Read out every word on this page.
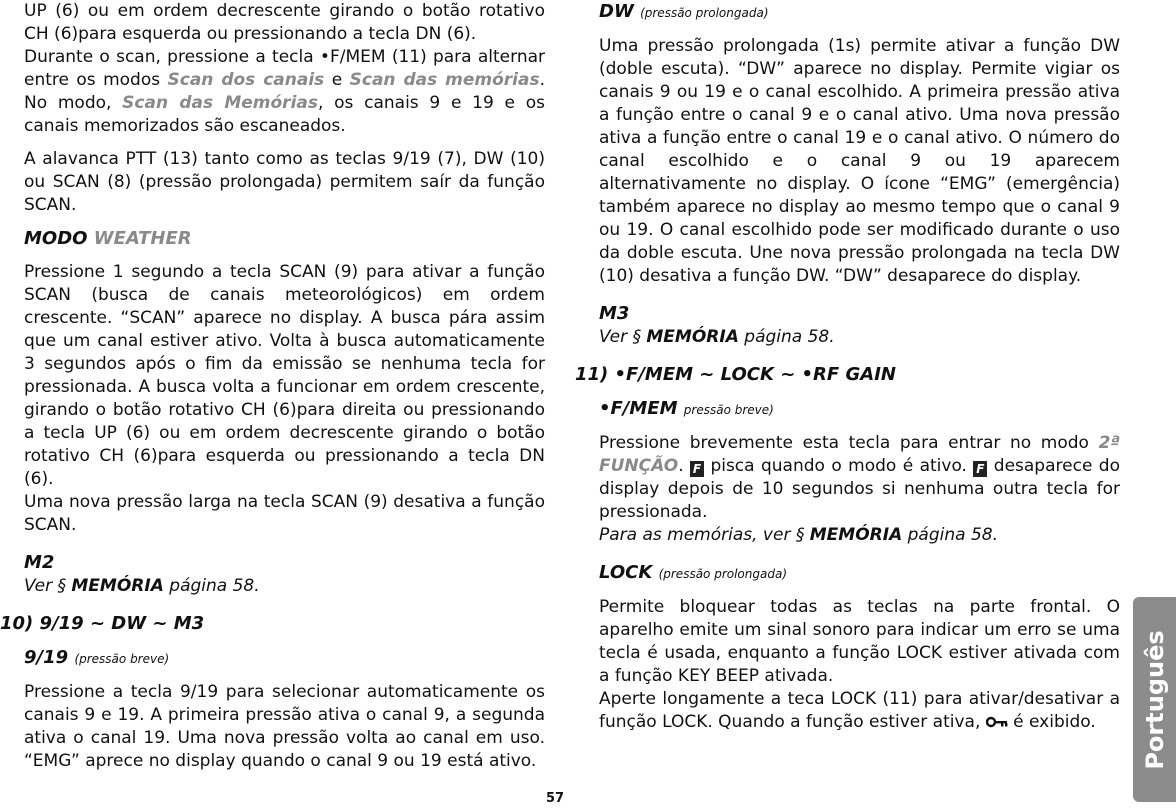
UP (6) ou em ordem decrescente girando o botão rotativo CH (6)para esquerda ou pressionando a tecla DN (6).

Durante o scan, pressione a tecla •F/MEM (11) para alternar entre os modos Scan dos canais e Scan das memórias. No modo, Scan das Memórias, os canais 9 e 19 e os canais memorizados são escaneados.

A alavanca PTT (13) tanto como as teclas 9/19 (7), DW (10) ou SCAN (8) (pressão prolongada) permitem saír da função SCAN.

MODO WEATHER

Pressione 1 segundo a tecla SCAN (9) para ativar a função SCAN (busca de canais meteorológicos) em ordem crescente. “SCAN” aparece no display. A busca pára assim que um canal estiver ativo. Volta à busca automaticamente 3 segundos após o fim da emissão se nenhuma tecla for pressionada. A busca volta a funcionar em ordem crescente, girando o botão rotativo CH (6)para direita ou pressionando a tecla UP (6) ou em ordem decrescente girando o botão rotativo CH (6)para esquerda ou pressionando a tecla DN (6).

Uma nova pressão larga na tecla SCAN (9) desativa a função SCAN.

M2

Ver § MEMÓRIA página 58.

10) 9/19 ~ DW ~ M3

9/19 (pressão breve)

Pressione a tecla 9/19 para selecionar automaticamente os canais 9 e 19. A primeira pressão ativa o canal 9, a segunda ativa o canal 19. Uma nova pressão volta ao canal em uso. “EMG” aprece no display quando o canal 9 ou 19 está ativo.

DW (pressão prolongada)

Uma pressão prolongada (1s) permite ativar a função DW (doble escuta). “DW” aparece no display. Permite vigiar os canais 9 ou 19 e o canal escolhido. A primeira pressão ativa a função entre o canal 9 e o canal ativo. Uma nova pressão ativa a função entre o canal 19 e o canal ativo. O número do canal escolhido e o canal 9 ou 19 aparecem alternativamente no display. O ícone “EMG” (emergência) também aparece no display ao mesmo tempo que o canal 9 ou 19. O canal escolhido pode ser modificado durante o uso da doble escuta. Une nova pressão prolongada na tecla DW (10) desativa a função DW. “DW” desaparece do display.

M3

Ver § MEMÓRIA página 58.

11) •F/MEM ~ LOCK ~ •RF GAIN

•F/MEM pressão breve)

Pressione brevemente esta tecla para entrar no modo 2ª FUNÇÃO. F pisca quando o modo é ativo. F desaparece do display depois de 10 segundos si nenhuma outra tecla for pressionada.

Para as memórias, ver § MEMÓRIA página 58.

LOCK (pressão prolongada)

Permite bloquear todas as teclas na parte frontal. O aparelho emite um sinal sonoro para indicar um erro se uma tecla é usada, enquanto a função LOCK estiver ativada com a função KEY BEEP ativada.

Aperte longamente a teca LOCK (11) para ativar/desativar a função LOCK. Quando a função estiver ativa,  é exibido.	Português
57
